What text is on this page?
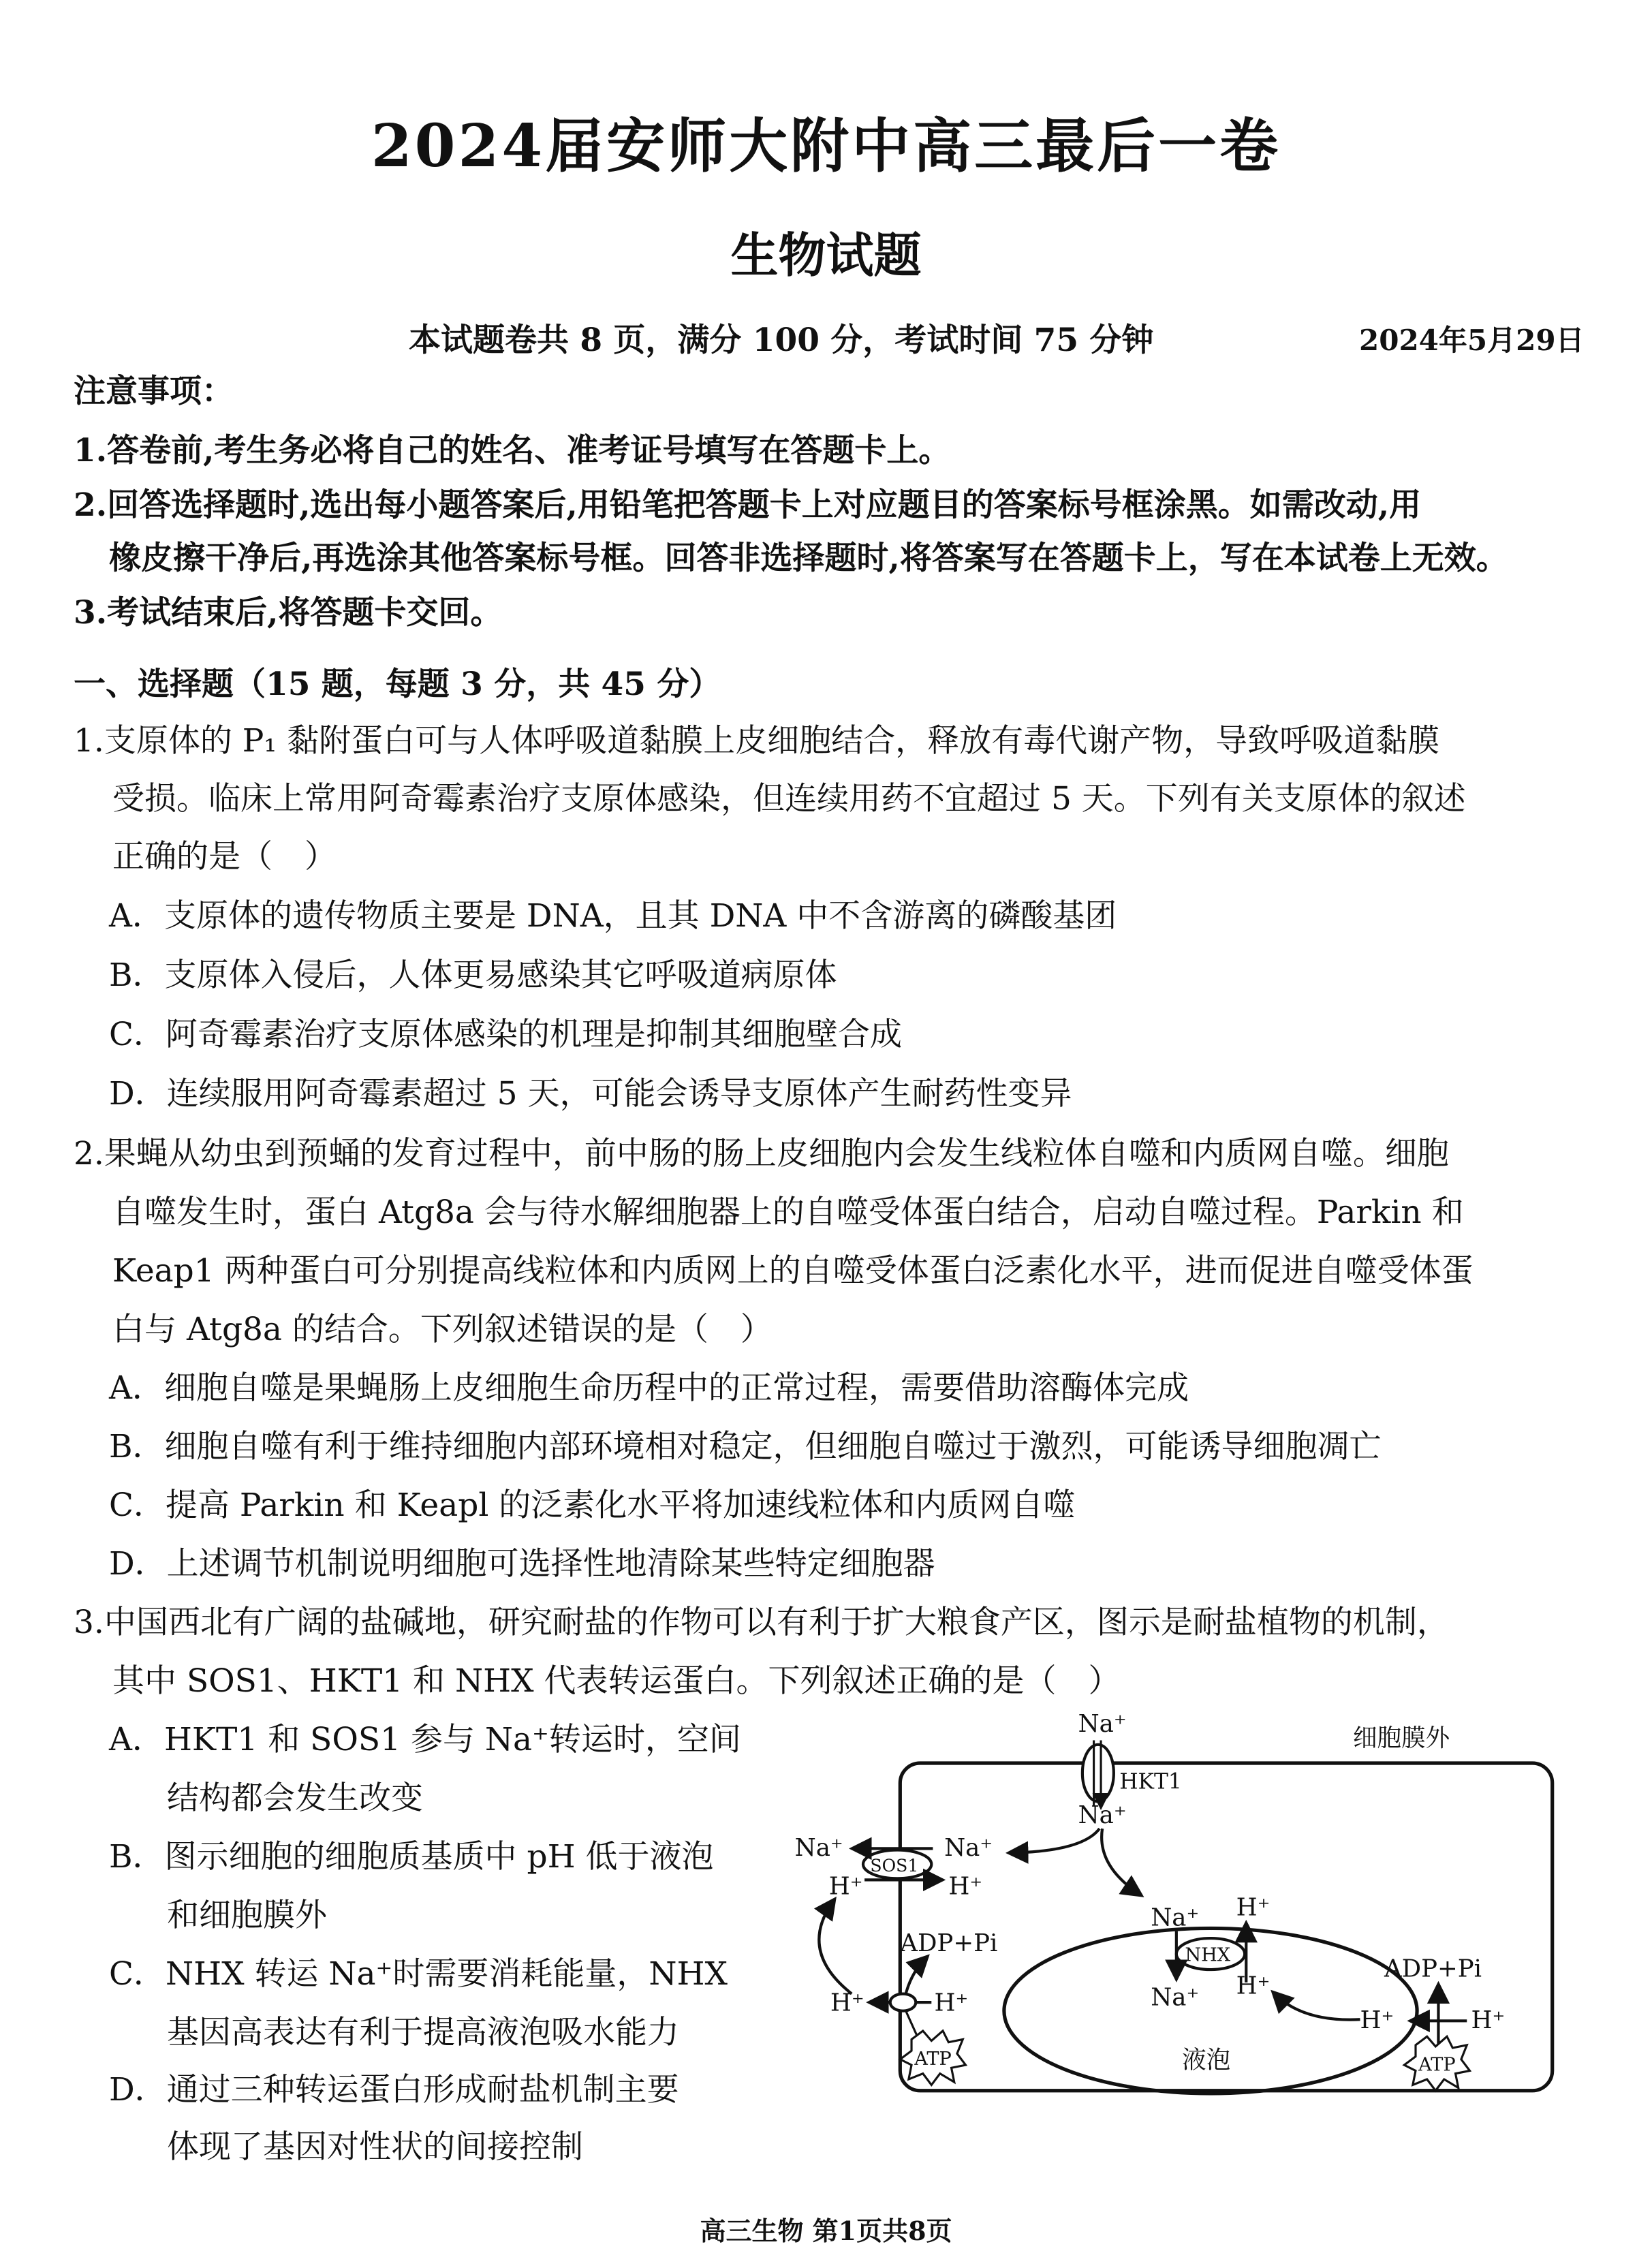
2024届安师大附中高三最后一卷
生物试题
本试题卷共 8 页，满分 100 分，考试时间 75 分钟	2024年5月29日
注意事项：
1.答卷前,考生务必将自己的姓名、准考证号填写在答题卡上。
2.回答选择题时,选出每小题答案后,用铅笔把答题卡上对应题目的答案标号框涂黑。如需改动,用
橡皮擦干净后,再选涂其他答案标号框。回答非选择题时,将答案写在答题卡上，写在本试卷上无效。
3.考试结束后,将答题卡交回。
一、选择题（15 题，每题 3 分，共 45 分）
1.支原体的 P₁ 黏附蛋白可与人体呼吸道黏膜上皮细胞结合，释放有毒代谢产物，导致呼吸道黏膜
受损。临床上常用阿奇霉素治疗支原体感染，但连续用药不宜超过 5 天。下列有关支原体的叙述
正确的是（　）
A．支原体的遗传物质主要是 DNA，且其 DNA 中不含游离的磷酸基团
B．支原体入侵后，人体更易感染其它呼吸道病原体
C．阿奇霉素治疗支原体感染的机理是抑制其细胞壁合成
D．连续服用阿奇霉素超过 5 天，可能会诱导支原体产生耐药性变异
2.果蝇从幼虫到预蛹的发育过程中，前中肠的肠上皮细胞内会发生线粒体自噬和内质网自噬。细胞
自噬发生时，蛋白 Atg8a 会与待水解细胞器上的自噬受体蛋白结合，启动自噬过程。Parkin 和
Keap1 两种蛋白可分别提高线粒体和内质网上的自噬受体蛋白泛素化水平，进而促进自噬受体蛋
白与 Atg8a 的结合。下列叙述错误的是（　）
A．细胞自噬是果蝇肠上皮细胞生命历程中的正常过程，需要借助溶酶体完成
B．细胞自噬有利于维持细胞内部环境相对稳定，但细胞自噬过于激烈，可能诱导细胞凋亡
C．提高 Parkin 和 Keapl 的泛素化水平将加速线粒体和内质网自噬
D．上述调节机制说明细胞可选择性地清除某些特定细胞器
3.中国西北有广阔的盐碱地，研究耐盐的作物可以有利于扩大粮食产区，图示是耐盐植物的机制，
其中 SOS1、HKT1 和 NHX 代表转运蛋白。下列叙述正确的是（　）
A．HKT1 和 SOS1 参与 Na⁺转运时，空间
结构都会发生改变
B．图示细胞的细胞质基质中 pH 低于液泡
和细胞膜外
C．NHX 转运 Na⁺时需要消耗能量，NHX
基因高表达有利于提高液泡吸水能力
D．通过三种转运蛋白形成耐盐机制主要
体现了基因对性状的间接控制
细胞膜外
液泡
Na⁺
HKT1
Na⁺
SOS1
Na⁺	Na⁺
H⁺	H⁺
H⁺	H⁺
ADP+Pi
ATP
Na⁺	H⁺
NHX
Na⁺	H⁺
H⁺	H⁺
ADP+Pi
ATP
高三生物 第1页共8页
